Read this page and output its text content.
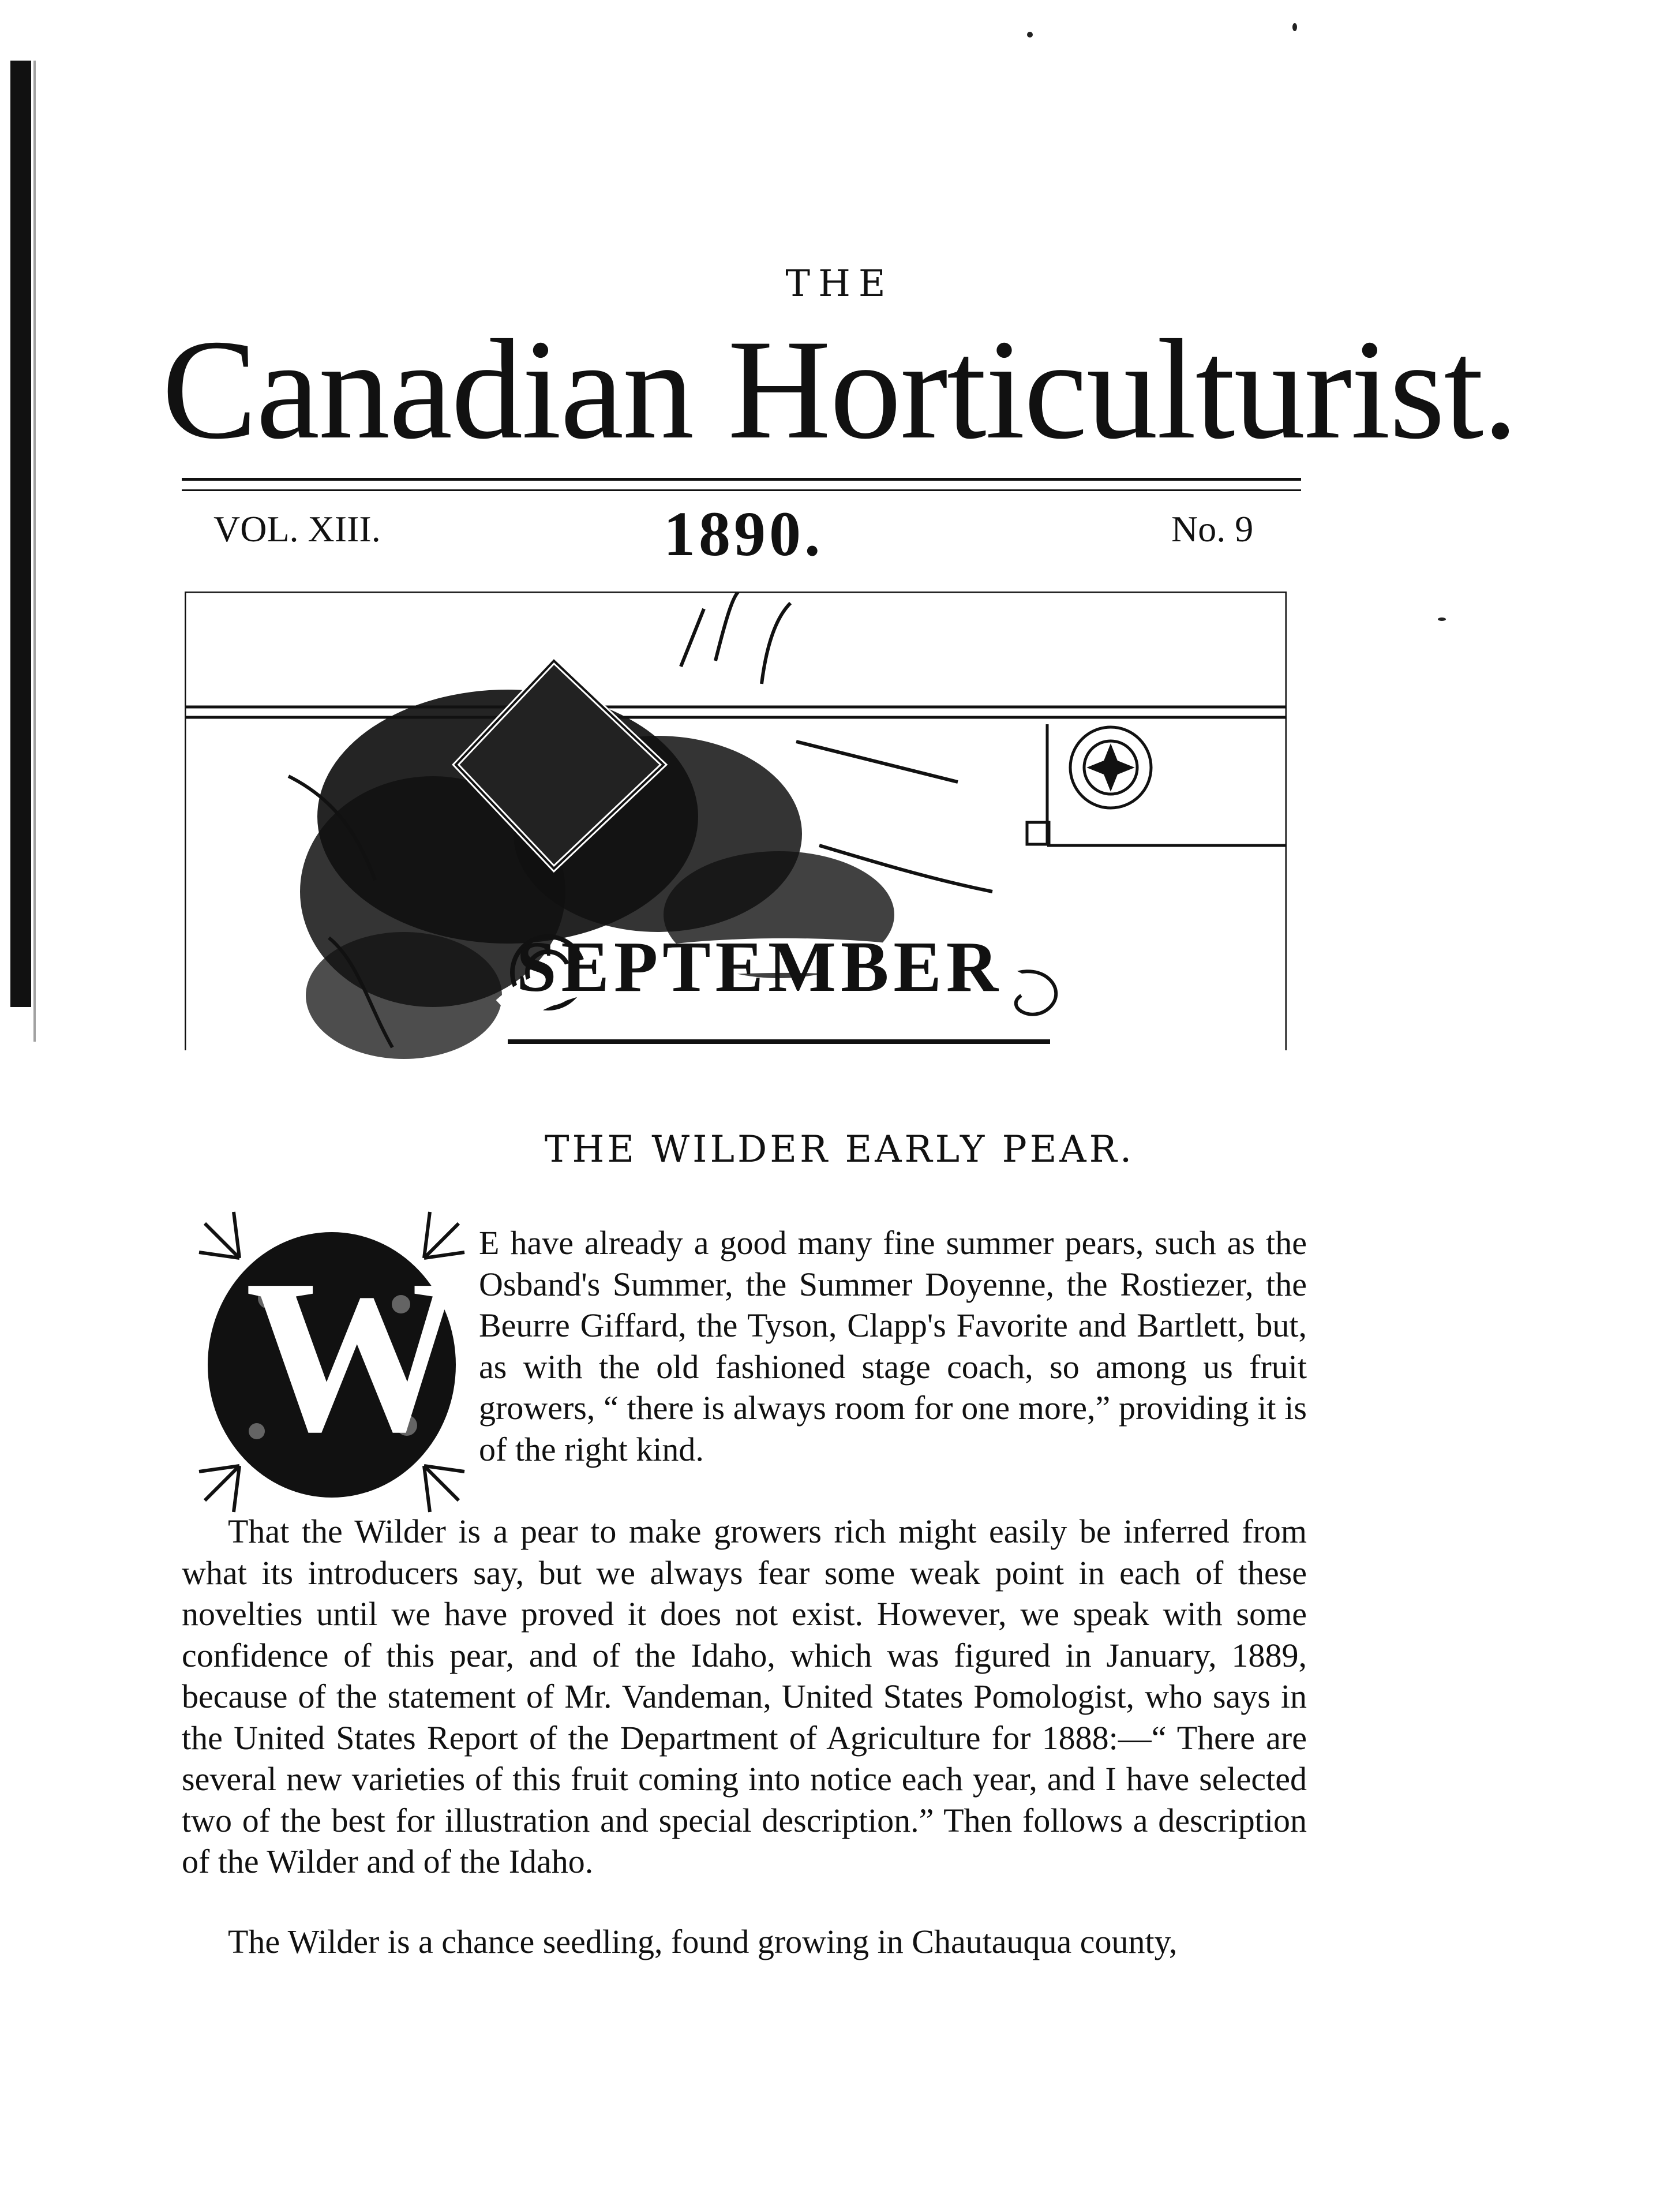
THE
Canadian Horticulturist.
VOL. XIII.	1890.	No. 9
SEPTEMBER
THE WILDER EARLY PEAR.
W E have already a good many fine summer pears, such as the Osband's Summer, the Summer Doyenne, the Rostiezer, the Beurre Giffard, the Tyson, Clapp's Favorite and Bartlett, but, as with the old fashioned stage coach, so among us fruit growers, “ there is always room for one more,” providing it is of the right kind.

That the Wilder is a pear to make growers rich might easily be inferred from what its introducers say, but we always fear some weak point in each of these novelties until we have proved it does not exist. However, we speak with some confidence of this pear, and of the Idaho, which was figured in January, 1889, because of the statement of Mr. Vandeman, United States Pomologist, who says in the United States Report of the Department of Agriculture for 1888:—“ There are several new varieties of this fruit coming into notice each year, and I have selected two of the best for illustration and special description.” Then follows a description of the Wilder and of the Idaho.

The Wilder is a chance seedling, found growing in Chautauqua county,
